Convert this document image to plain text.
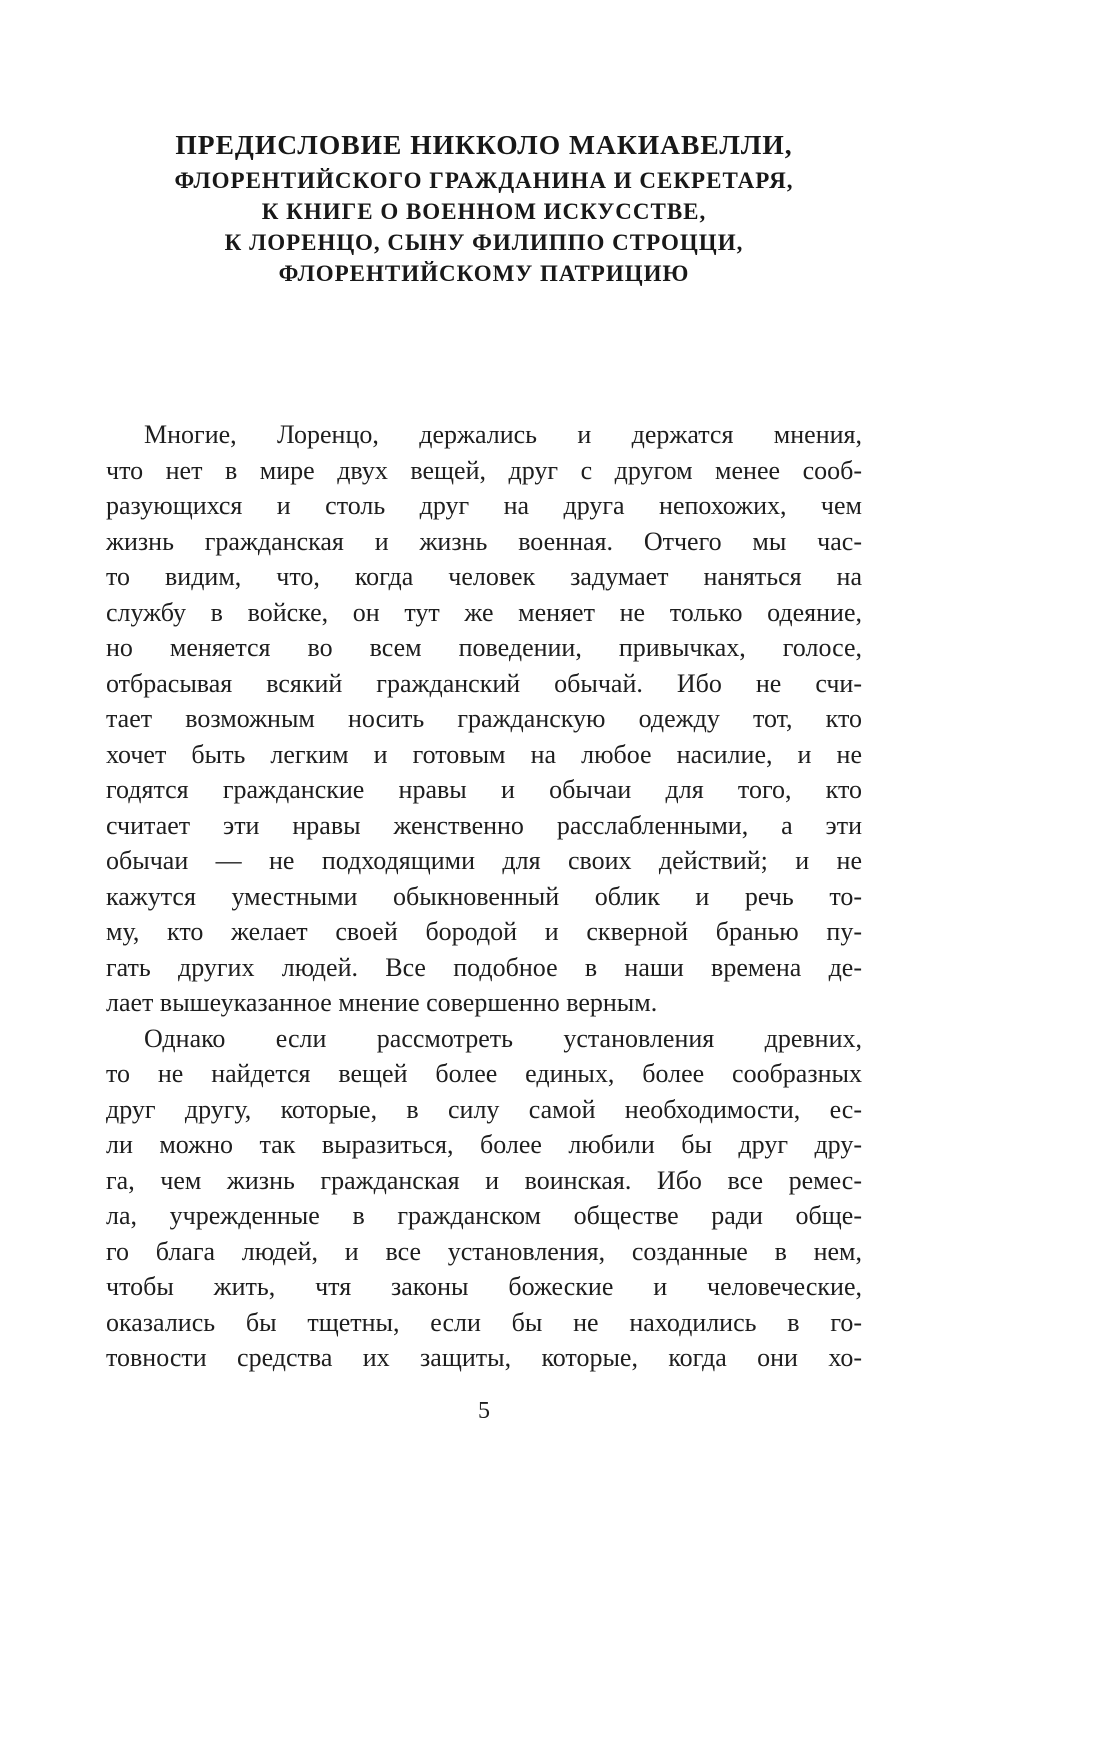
ПРЕДИСЛОВИЕ НИККОЛО МАКИАВЕЛЛИ,
ФЛОРЕНТИЙСКОГО ГРАЖДАНИНА И СЕКРЕТАРЯ,
К КНИГЕ О ВОЕННОМ ИСКУССТВЕ,
К ЛОРЕНЦО, СЫНУ ФИЛИППО СТРОЦЦИ,
ФЛОРЕНТИЙСКОМУ ПАТРИЦИЮ
Многие, Лоренцо, держались и держатся мнения,
что нет в мире двух вещей, друг с другом менее сооб-
разующихся и столь друг на друга непохожих, чем
жизнь гражданская и жизнь военная. Отчего мы час-
то видим, что, когда человек задумает наняться на
службу в войске, он тут же меняет не только одеяние,
но меняется во всем поведении, привычках, голосе,
отбрасывая всякий гражданский обычай. Ибо не счи-
тает возможным носить гражданскую одежду тот, кто
хочет быть легким и готовым на любое насилие, и не
годятся гражданские нравы и обычаи для того, кто
считает эти нравы женственно расслабленными, а эти
обычаи — не подходящими для своих действий; и не
кажутся уместными обыкновенный облик и речь то-
му, кто желает своей бородой и скверной бранью пу-
гать других людей. Все подобное в наши времена де-
лает вышеуказанное мнение совершенно верным.
Однако если рассмотреть установления древних,
то не найдется вещей более единых, более сообразных
друг другу, которые, в силу самой необходимости, ес-
ли можно так выразиться, более любили бы друг дру-
га, чем жизнь гражданская и воинская. Ибо все ремес-
ла, учрежденные в гражданском обществе ради обще-
го блага людей, и все установления, созданные в нем,
чтобы жить, чтя законы божеские и человеческие,
оказались бы тщетны, если бы не находились в го-
товности средства их защиты, которые, когда они хо-
5
